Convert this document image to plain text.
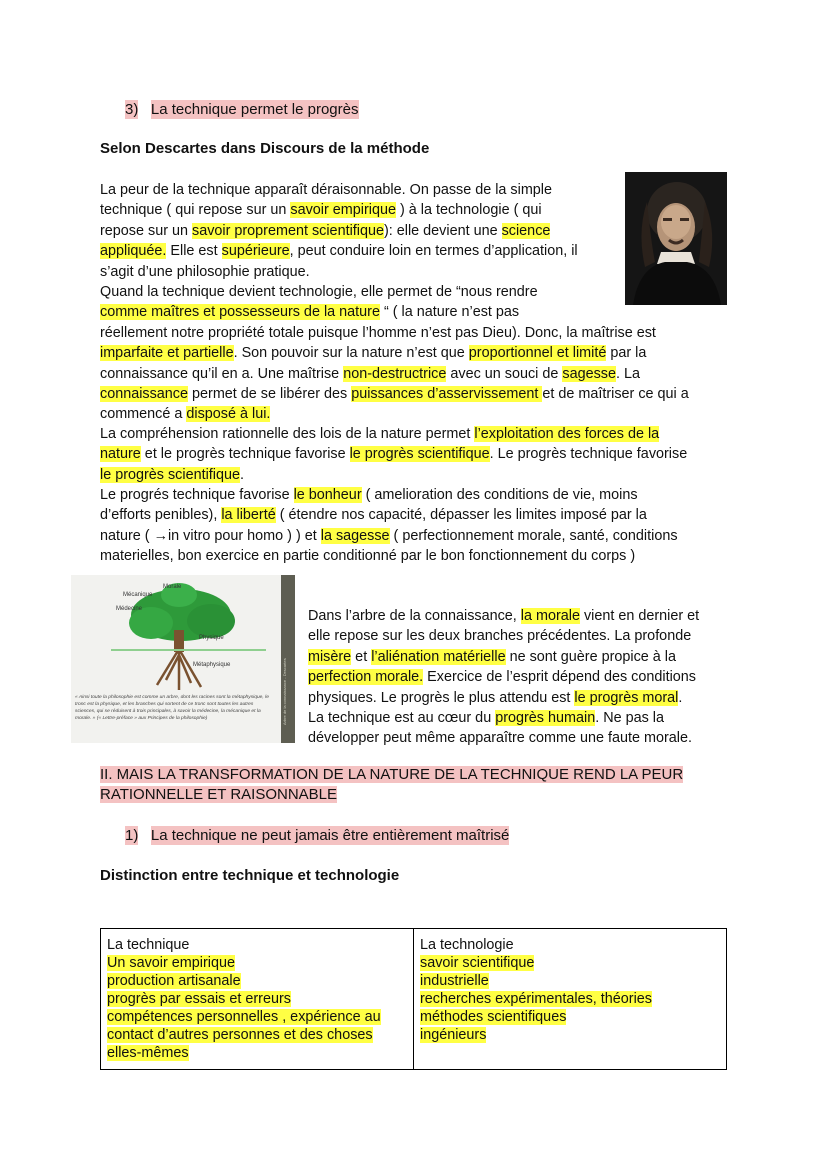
3) La technique permet le progrès
Selon Descartes dans Discours de la méthode

La peur de la technique apparaît déraisonnable. On passe de la simple

technique ( qui repose sur un savoir empirique ) à la technologie ( qui

repose sur un savoir proprement scientifique): elle devient une science

appliquée. Elle est supérieure, peut conduire loin en termes d’application, il

s’agit d’une philosophie pratique.

Quand la technique devient technologie, elle permet de “nous rendre

comme maîtres et possesseurs de la nature “ ( la nature n’est pas

réellement notre propriété totale puisque l’homme n’est pas Dieu). Donc, la maîtrise est

imparfaite et partielle. Son pouvoir sur la nature n’est que proportionnel et limité par la

connaissance qu’il en a. Une maîtrise non-destructrice avec un souci de sagesse. La

connaissance permet de se libérer des puissances d’asservissement et de maîtriser ce qui a

commencé a disposé à lui.

La compréhension rationnelle des lois de la nature permet l’exploitation des forces de la

nature et le progrès technique favorise le progrès scientifique. Le progrès technique favorise

le progrès scientifique.

Le progrés technique favorise le bonheur ( amelioration des conditions de vie, moins

d’efforts penibles), la liberté ( étendre nos capacité, dépasser les limites imposé par la

nature ( →in vitro pour homo ) ) et la sagesse ( perfectionnement morale, santé, conditions

materielles, bon exercice en partie conditionné par le bon fonctionnement du corps )

Arbre de la connaissance - Descartes
Morale
Mécanique
Médecine
Physique
Métaphysique
« Ainsi toute la philosophie est comme un arbre, dont les racines sont la métaphysique, le tronc est la physique, et les branches qui sortent de ce tronc sont toutes les autres sciences, qui se réduisent à trois principales, à savoir la médecine, la mécanique et la morale. » (« Lettre-préface » aux Principes de la philosophie)

Dans l’arbre de la connaissance, la morale vient en dernier et

elle repose sur les deux branches précédentes. La profonde

misère et l’aliénation matérielle ne sont guère propice à la

perfection morale. Exercice de l’esprit dépend des conditions

physiques. Le progrès le plus attendu est le progrès moral.

La technique est au cœur du progrès humain. Ne pas la

développer peut même apparaître comme une faute morale.

II. MAIS LA TRANSFORMATION DE LA NATURE DE LA TECHNIQUE REND LA PEUR

RATIONNELLE ET RAISONNABLE

1) La technique ne peut jamais être entièrement maîtrisé
Distinction entre technique et technologie
La technique
Un savoir empirique
production artisanale
progrès par essais et erreurs
compétences personnelles , expérience au
contact d’autres personnes et des choses
elles-mêmes

La technologie
savoir scientifique
industrielle
recherches expérimentales, théories
méthodes scientifiques
ingénieurs
